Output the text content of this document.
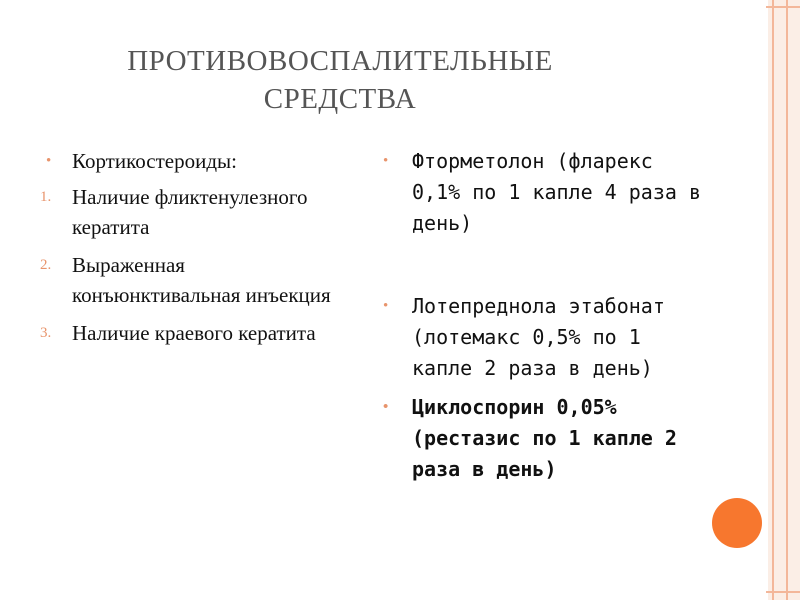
ПРОТИВОВОСПАЛИТЕЛЬНЫЕ
СРЕДСТВА
• Кортикостероиды:
1. Наличие фликтенулезного кератита
2. Выраженная конъюнктивальная инъекция
3. Наличие краевого кератита
•	Фторметолон (фларекс 0,1% по 1 капле 4 раза в день)
•	Лотепреднола этабонат (лотемакс 0,5% по 1 капле 2 раза в день)
•	Циклоспорин 0,05% (рестазис по 1 капле 2 раза в день)
